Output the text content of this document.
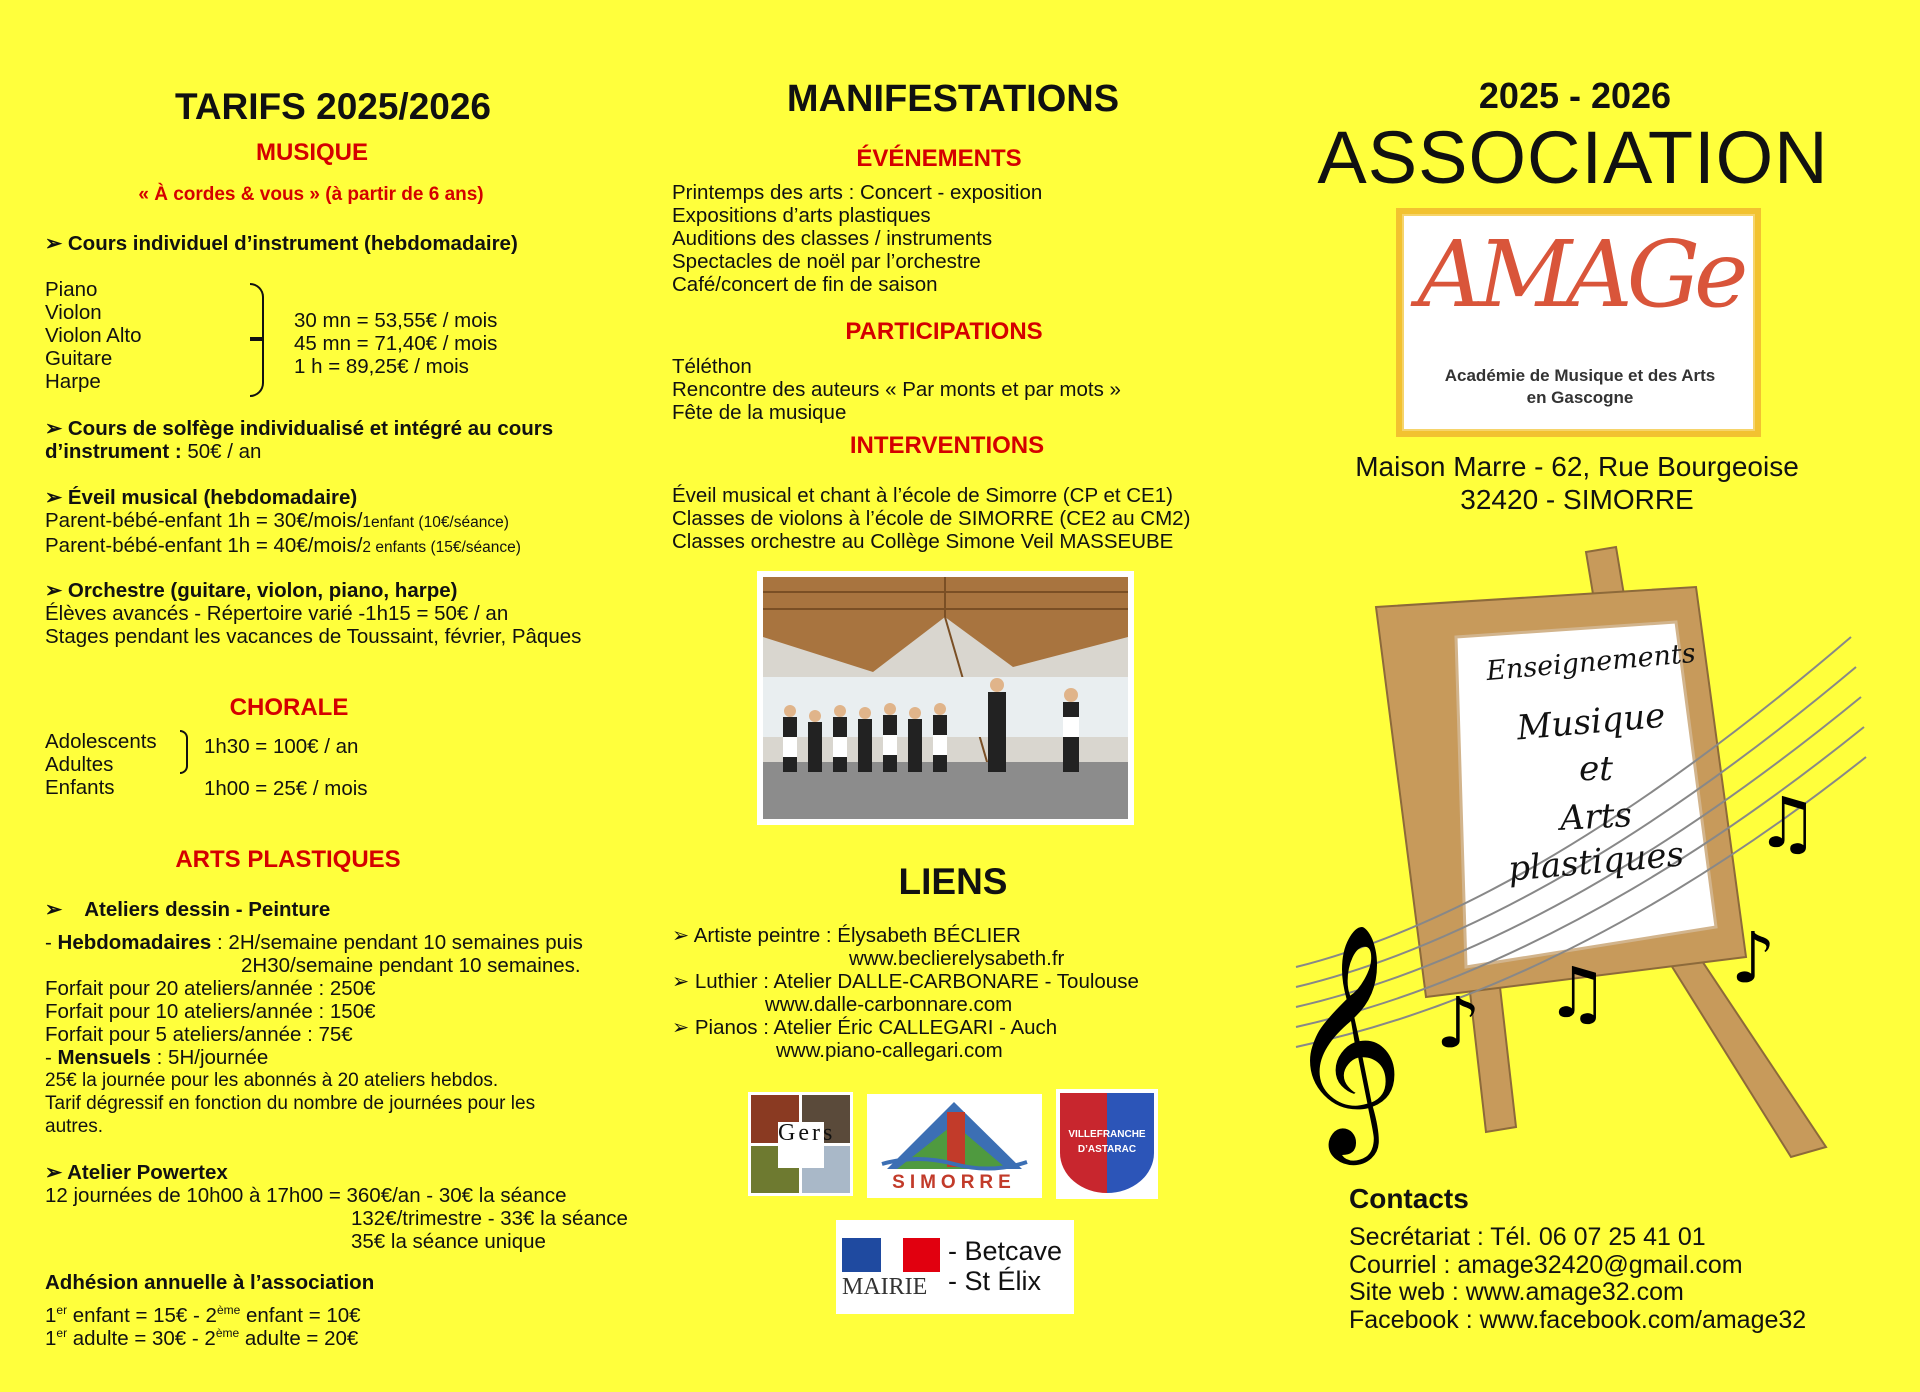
TARIFS 2025/2026
MUSIQUE
« À cordes & vous » (à partir de 6 ans)
➢ Cours individuel d’instrument (hebdomadaire)
Piano
Violon
Violon Alto
Guitare
Harpe
30 mn = 53,55€ / mois
45 mn = 71,40€ / mois
1 h = 89,25€ / mois
➢ Cours de solfège individualisé et intégré au cours
d’instrument : 50€ / an
➢ Éveil musical (hebdomadaire)
Parent-bébé-enfant 1h = 30€/mois/1enfant (10€/séance)
Parent-bébé-enfant 1h = 40€/mois/2 enfants (15€/séance)
➢ Orchestre (guitare, violon, piano, harpe)
Élèves avancés - Répertoire varié -1h15 = 50€ / an
Stages pendant les vacances de Toussaint, février, Pâques
CHORALE
Adolescents
Adultes
Enfants
1h30 = 100€ / an
1h00 = 25€ / mois
ARTS PLASTIQUES
➢ Ateliers dessin - Peinture
- Hebdomadaires : 2H/semaine pendant 10 semaines puis
2H30/semaine pendant 10 semaines.
Forfait pour 20 ateliers/année : 250€
Forfait pour 10 ateliers/année : 150€
Forfait pour 5 ateliers/année : 75€
- Mensuels : 5H/journée
25€ la journée pour les abonnés à 20 ateliers hebdos.
Tarif dégressif en fonction du nombre de journées pour les
autres.
➢ Atelier Powertex
12 journées de 10h00 à 17h00 = 360€/an - 30€ la séance
132€/trimestre - 33€ la séance
35€ la séance unique
Adhésion annuelle à l’association
1er enfant = 15€ - 2ème enfant = 10€
1er adulte = 30€ - 2ème adulte = 20€
MANIFESTATIONS
ÉVÉNEMENTS
Printemps des arts : Concert - exposition
Expositions d’arts plastiques
Auditions des classes / instruments
Spectacles de noël par l’orchestre
Café/concert de fin de saison
PARTICIPATIONS
Téléthon
Rencontre des auteurs « Par monts et par mots »
Fête de la musique
INTERVENTIONS
Éveil musical et chant à l’école de Simorre (CP et CE1)
Classes de violons à l’école de SIMORRE (CE2 au CM2)
Classes orchestre au Collège Simone Veil MASSEUBE
LIENS
➢ Artiste peintre : Élysabeth BÉCLIER
www.beclierelysabeth.fr
➢ Luthier : Atelier DALLE-CARBONARE - Toulouse
www.dalle-carbonnare.com
➢ Pianos : Atelier Éric CALLEGARI - Auch
www.piano-callegari.com
Gers
SIMORRE
VILLEFRANCHE
D’ASTARAC
MAIRIE
- Betcave
- St Élix
2025 - 2026
ASSOCIATION
AMAGe
Académie de Musique et des Arts
en Gascogne
Maison Marre - 62, Rue Bourgeoise
32420 - SIMORRE
𝄞 ♪ ♫ ♪
♫
Enseignements
Musique
et
Arts
plastiques
Contacts
Secrétariat : Tél. 06 07 25 41 01
Courriel : amage32420@gmail.com
Site web : www.amage32.com
Facebook : www.facebook.com/amage32
